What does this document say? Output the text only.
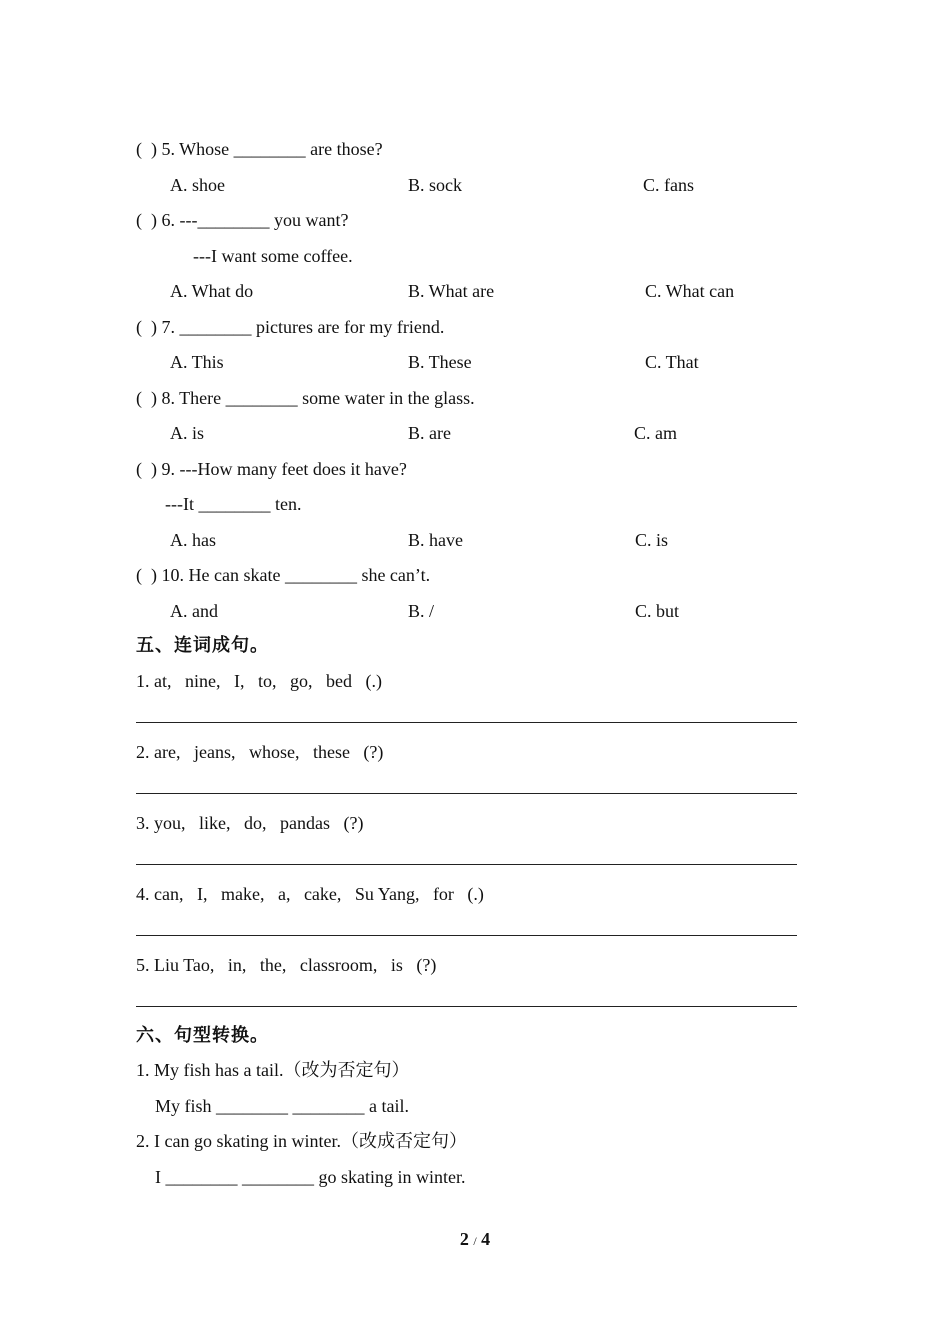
(  ) 5. Whose ________ are those?
A. shoe	B. sock	C. fans
(  ) 6. ---________ you want?
---I want some coffee.
A. What do	B. What are	C. What can
(  ) 7. ________ pictures are for my friend.
A. This	B. These	C. That
(  ) 8. There ________ some water in the glass.
A. is	B. are	C. am
(  ) 9. ---How many feet does it have?
---It ________ ten.
A. has	B. have	C. is
(  ) 10. He can skate ________ she can’t.
A. and	B. /	C. but
五、连词成句。
1. at,   nine,   I,   to,   go,   bed   (.)
2. are,   jeans,   whose,   these   (?)
3. you,   like,   do,   pandas   (?)
4. can,   I,   make,   a,   cake,   Su Yang,   for   (.)
5. Liu Tao,   in,   the,   classroom,   is   (?)
六、句型转换。
1. My fish has a tail.（改为否定句）
My fish ________ ________ a tail.
2. I can go skating in winter.（改成否定句）
I ________ ________ go skating in winter.
2 / 4
